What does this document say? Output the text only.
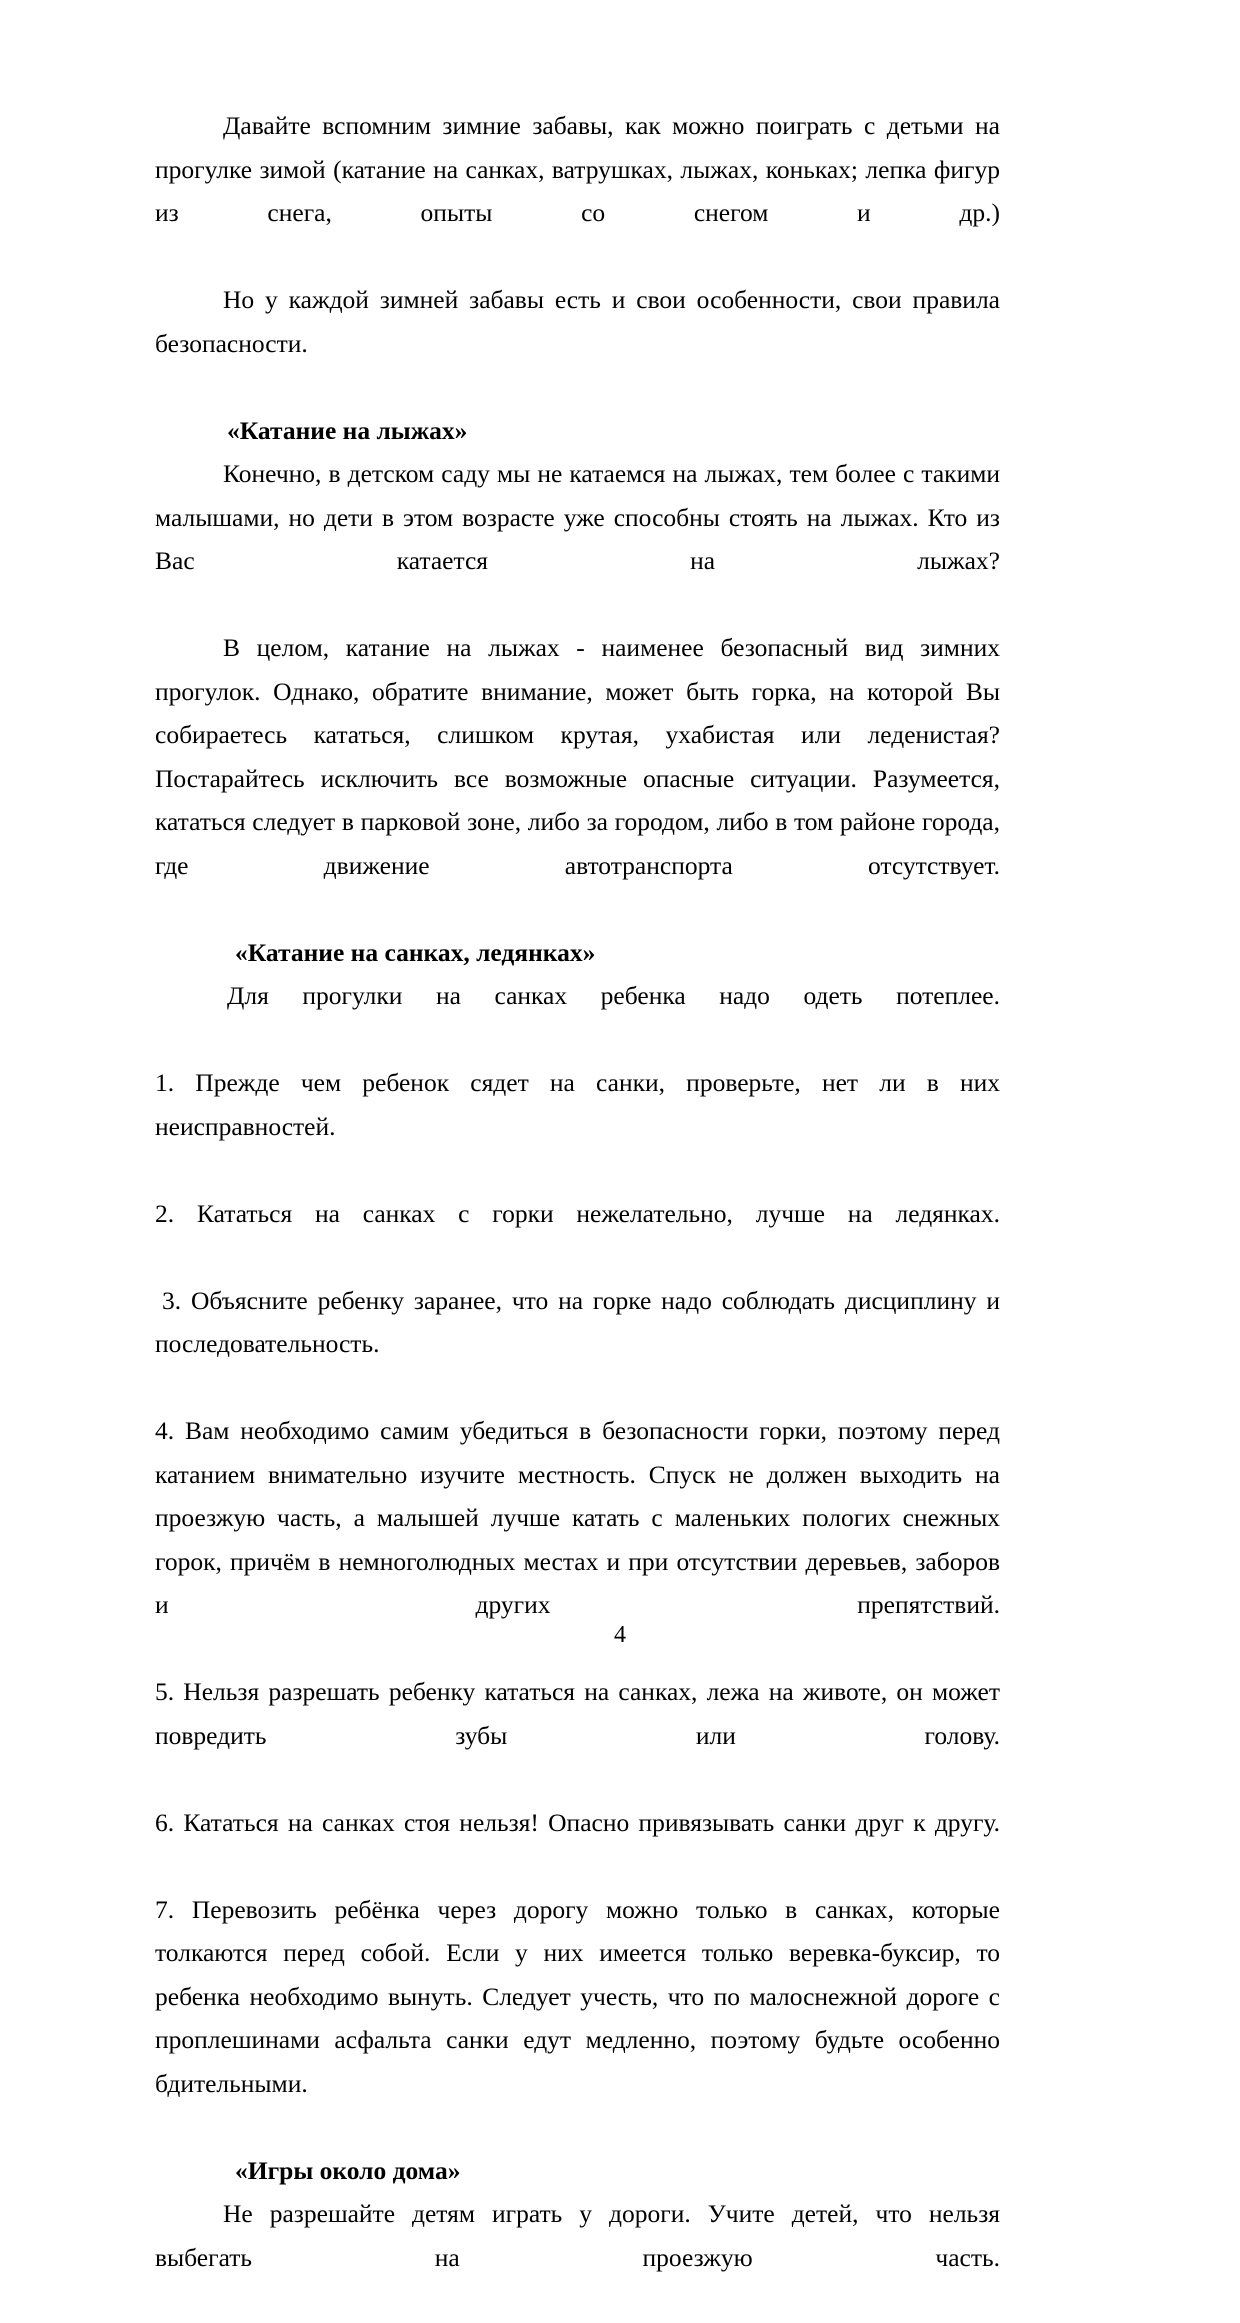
Давайте вспомним зимние забавы, как можно поиграть с детьми на прогулке зимой (катание на санках, ватрушках, лыжах, коньках; лепка фигур из снега, опыты со снегом и др.)

Но у каждой зимней забавы есть и свои особенности, свои правила безопасности.

«Катание на лыжах»

Конечно, в детском саду мы не катаемся на лыжах, тем более с такими малышами, но дети в этом возрасте уже способны стоять на лыжах. Кто из Вас катается на лыжах?

В целом, катание на лыжах - наименее безопасный вид зимних прогулок. Однако, обратите внимание, может быть горка, на которой Вы собираетесь кататься, слишком крутая, ухабистая или леденистая? Постарайтесь исключить все возможные опасные ситуации. Разумеется, кататься следует в парковой зоне, либо за городом, либо в том районе города, где движение автотранспорта отсутствует.

«Катание на санках, ледянках»

Для прогулки на санках ребенка надо одеть потеплее.

1. Прежде чем ребенок сядет на санки, проверьте, нет ли в них неисправностей.

2. Кататься на санках с горки нежелательно, лучше на ледянках.

3. Объясните ребенку заранее, что на горке надо соблюдать дисциплину и последовательность.

4. Вам необходимо самим убедиться в безопасности горки, поэтому перед катанием внимательно изучите местность. Спуск не должен выходить на проезжую часть, а малышей лучше катать с маленьких пологих снежных горок, причём в немноголюдных местах и при отсутствии деревьев, заборов и других препятствий.

5. Нельзя разрешать ребенку кататься на санках, лежа на животе, он может повредить зубы или голову.

6. Кататься на санках стоя нельзя! Опасно привязывать санки друг к другу.

7. Перевозить ребёнка через дорогу можно только в санках, которые толкаются перед собой. Если у них имеется только веревка-буксир, то ребенка необходимо вынуть. Следует учесть, что по малоснежной дороге с проплешинами асфальта санки едут медленно, поэтому будьте особенно бдительными.

«Игры около дома»

Не разрешайте детям играть у дороги. Учите детей, что нельзя выбегать на проезжую часть.

4
